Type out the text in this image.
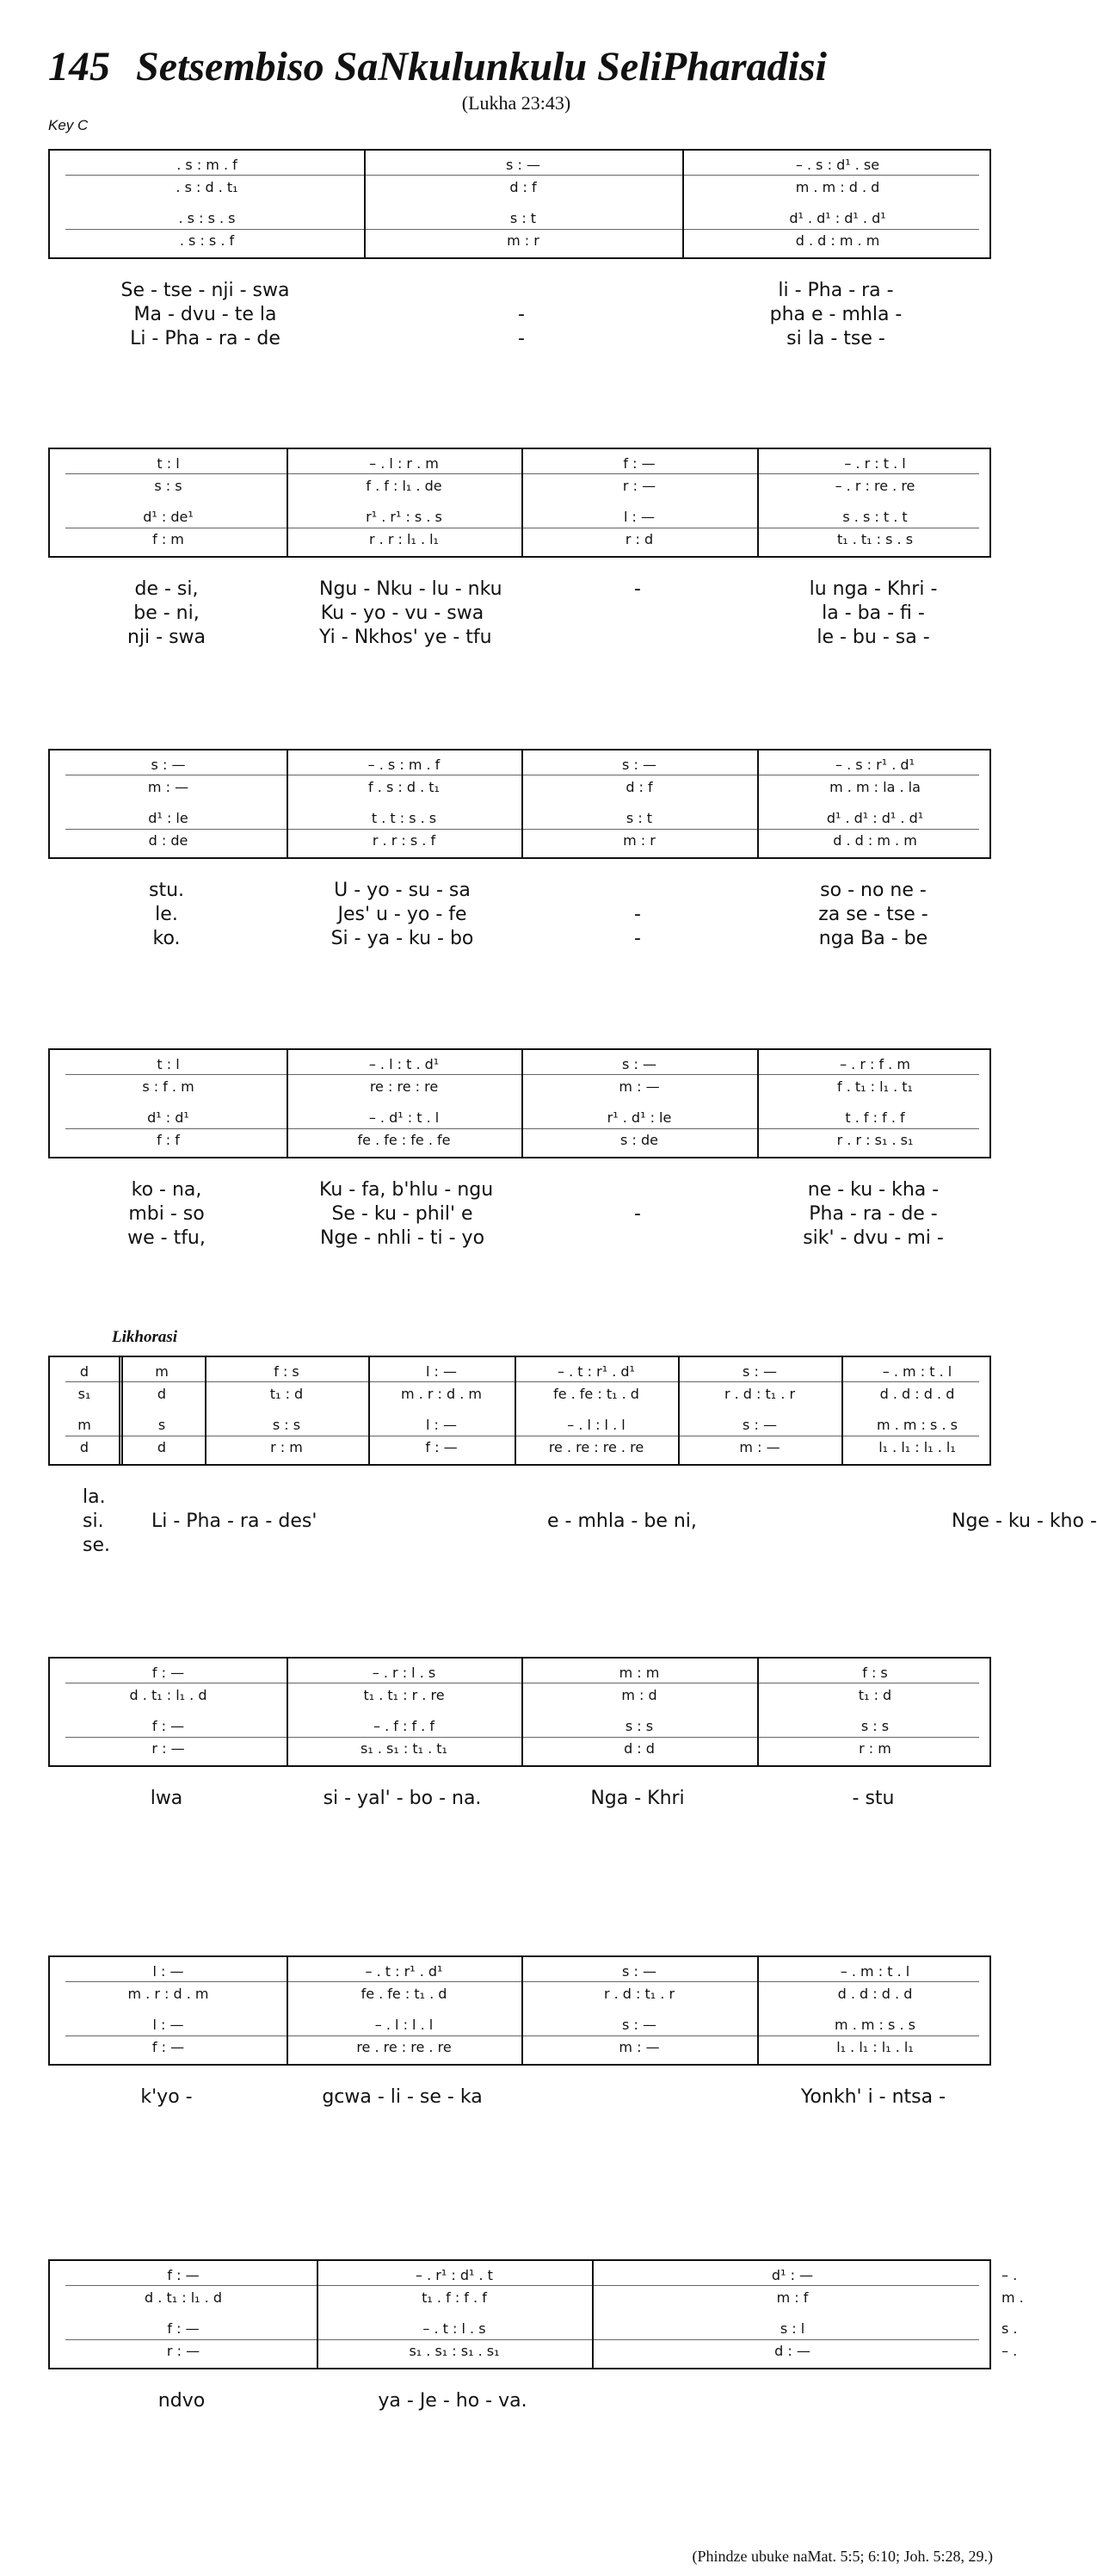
145 Setsembiso SaNkulunkulu SeliPharadisi
(Lukha 23:43)
Key C
. s : m . f	s : —	– . s : d¹ . se
. s : d . t₁	d : f	m . m : d . d
. s : s . s	s : t	d¹ . d¹ : d¹ . d¹
. s : s . f	m : r	d . d : m . m
Se - tse - nji - swa	li - Pha - ra -
Ma - dvu - te la	-	pha e - mhla -
Li - Pha - ra - de	-	si la - tse -
t : l	– . l : r . m	f : —	– . r : t . l
s : s	f . f : l₁ . de	r : —	– . r : re . re
d¹ : de¹	r¹ . r¹ : s . s	l : —	s . s : t . t
f : m	r . r : l₁ . l₁	r : d	t₁ . t₁ : s . s
de - si,	Ngu - Nku - lu - nku	-	lu nga - Khri -
be - ni,	Ku - yo - vu - swa	la - ba - fi -
nji - swa	Yi - Nkhos' ye - tfu	le - bu - sa -
s : —	– . s : m . f	s : —	– . s : r¹ . d¹
m : —	f . s : d . t₁	d : f	m . m : la . la
d¹ : le	t . t : s . s	s : t	d¹ . d¹ : d¹ . d¹
d : de	r . r : s . f	m : r	d . d : m . m
stu.	U - yo - su - sa	so - no ne -
le.	Jes' u - yo - fe	-	za se - tse -
ko.	Si - ya - ku - bo	-	nga Ba - be
t : l	– . l : t . d¹	s : —	– . r : f . m
s : f . m	re : re : re	m : —	f . t₁ : l₁ . t₁
d¹ : d¹	– . d¹ : t . l	r¹ . d¹ : le	t . f : f . f
f : f	fe . fe : fe . fe	s : de	r . r : s₁ . s₁
ko - na,	Ku - fa, b'hlu - ngu	ne - ku - kha -
mbi - so	Se - ku - phil' e	-	Pha - ra - de -
we - tfu,	Nge - nhli - ti - yo	sik' - dvu - mi -
Likhorasi
d	m	f : s	l : —	– . t : r¹ . d¹	s : —	– . m : t . l
s₁	d	t₁ : d	m . r : d . m	fe . fe : t₁ . d	r . d : t₁ . r	d . d : d . d
m	s	s : s	l : —	– . l : l . l	s : —	m . m : s . s
d	d	r : m	f : —	re . re : re . re	m : —	l₁ . l₁ : l₁ . l₁
la.
si.	Li - Pha - ra - des'	e - mhla - be ni,	Nge - ku - kho -
se.
f : —	– . r : l . s	m : m	f : s
d . t₁ : l₁ . d	t₁ . t₁ : r . re	m : d	t₁ : d
f : —	– . f : f . f	s : s	s : s
r : —	s₁ . s₁ : t₁ . t₁	d : d	r : m
lwa	si - yal' - bo - na.	Nga - Khri	- stu
l : —	– . t : r¹ . d¹	s : —	– . m : t . l
m . r : d . m	fe . fe : t₁ . d	r . d : t₁ . r	d . d : d . d
l : —	– . l : l . l	s : —	m . m : s . s
f : —	re . re : re . re	m : —	l₁ . l₁ : l₁ . l₁
k'yo -	gcwa - li - se - ka	Yonkh' i - ntsa -
f : —	– . r¹ : d¹ . t	d¹ : —	– .
d . t₁ : l₁ . d	t₁ . f : f . f	m : f	m .
f : —	– . t : l . s	s : l	s .
r : —	s₁ . s₁ : s₁ . s₁	d : —	– .
ndvo	ya - Je - ho - va.
(Phindze ubuke naMat. 5:5; 6:10; Joh. 5:28, 29.)
